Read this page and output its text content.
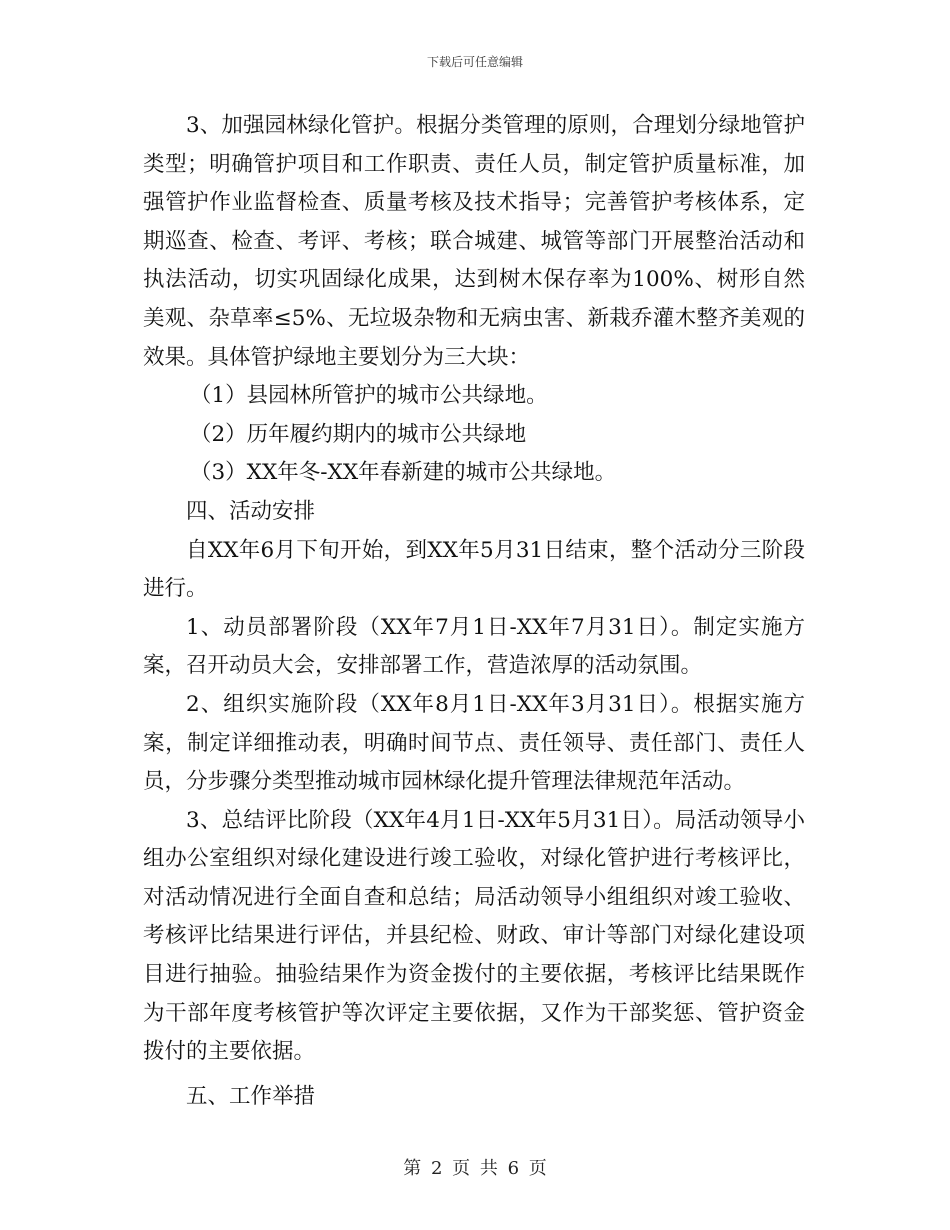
下载后可任意编辑

3、加强园林绿化管护。根据分类管理的原则，合理划分绿地管护类型；明确管护项目和工作职责、责任人员，制定管护质量标准，加强管护作业监督检查、质量考核及技术指导；完善管护考核体系，定期巡查、检查、考评、考核；联合城建、城管等部门开展整治活动和执法活动，切实巩固绿化成果，达到树木保存率为100%、树形自然美观、杂草率≤5%、无垃圾杂物和无病虫害、新栽乔灌木整齐美观的效果。具体管护绿地主要划分为三大块：

（1）县园林所管护的城市公共绿地。

（2）历年履约期内的城市公共绿地

（3）XX年冬-XX年春新建的城市公共绿地。

四、活动安排

自XX年6月下旬开始，到XX年5月31日结束，整个活动分三阶段进行。

1、动员部署阶段（XX年7月1日-XX年7月31日）。制定实施方案，召开动员大会，安排部署工作，营造浓厚的活动氛围。

2、组织实施阶段（XX年8月1日-XX年3月31日）。根据实施方案，制定详细推动表，明确时间节点、责任领导、责任部门、责任人员，分步骤分类型推动城市园林绿化提升管理法律规范年活动。

3、总结评比阶段（XX年4月1日-XX年5月31日）。局活动领导小组办公室组织对绿化建设进行竣工验收，对绿化管护进行考核评比，对活动情况进行全面自查和总结；局活动领导小组组织对竣工验收、考核评比结果进行评估，并县纪检、财政、审计等部门对绿化建设项目进行抽验。抽验结果作为资金拨付的主要依据，考核评比结果既作为干部年度考核管护等次评定主要依据，又作为干部奖惩、管护资金拨付的主要依据。

五、工作举措

第 2 页 共 6 页
